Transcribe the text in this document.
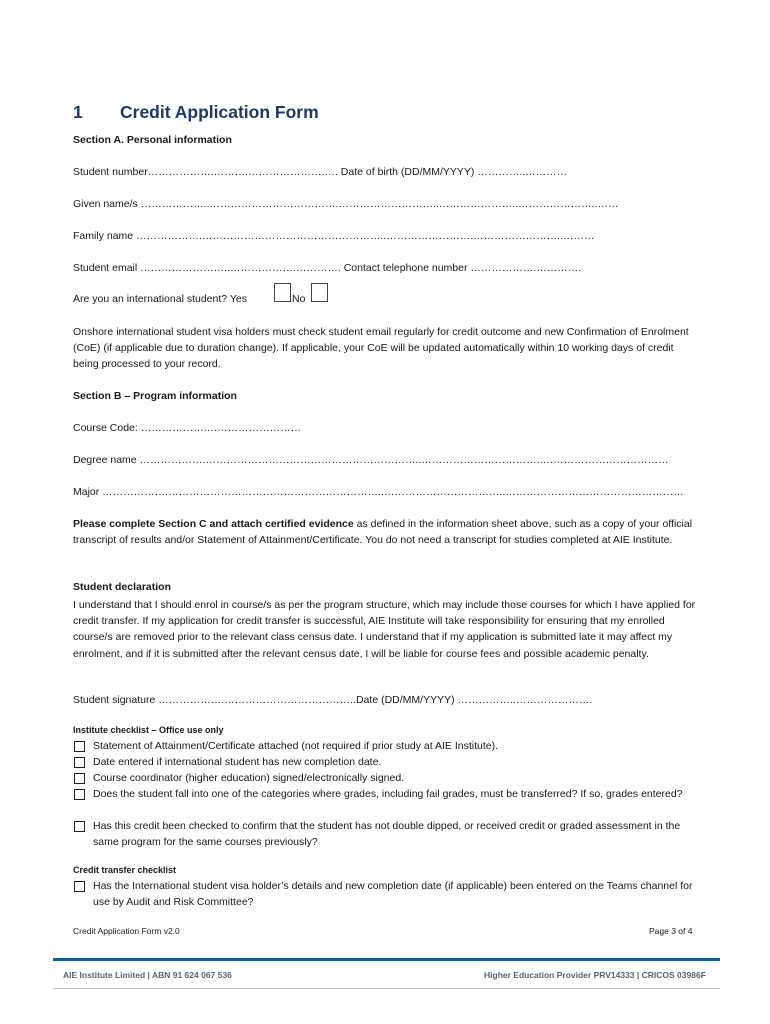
1 Credit Application Form
Section A. Personal information
Student number……………….……….………………….…. Date of birth (DD/MM/YYYY) …………..…………
Given name/s ………………..……………………………….………………………..…………………..…………………..……
Family name ……………….……………………………………………..…………………….……………………..………
Student email ……………………..……………….…………. Contact telephone number ……………….………….
Are you an international student? Yes	No
Onshore international student visa holders must check student email regularly for credit outcome and new Confirmation of Enrolment (CoE) (if applicable due to duration change). If applicable, your CoE will be updated automatically within 10 working days of credit being processed to your record.
Section B – Program information
Course Code: ……………….………………………
Degree name ……………….……………………………………………………..……………………………..………………………………
Major ……………….……………………………………………………..……………………………..……………………………………………
Please complete Section C and attach certified evidence as defined in the information sheet above, such as a copy of your official transcript of results and/or Statement of Attainment/Certificate. You do not need a transcript for studies completed at AIE Institute.
Student declaration
I understand that I should enrol in course/s as per the program structure, which may include those courses for which I have applied for credit transfer. If my application for credit transfer is successful, AIE Institute will take responsibility for ensuring that my enrolled course/s are removed prior to the relevant class census date. I understand that if my application is submitted late it may affect my enrolment, and if it is submitted after the relevant census date, I will be liable for course fees and possible academic penalty.
Student signature ……………….………………………………..Date (DD/MM/YYYY) ……………..………………….
Institute checklist – Office use only
Statement of Attainment/Certificate attached (not required if prior study at AIE Institute).
Date entered if international student has new completion date.
Course coordinator (higher education) signed/electronically signed.
Does the student fall into one of the categories where grades, including fail grades, must be transferred? If so, grades entered?
Has this credit been checked to confirm that the student has not double dipped, or received credit or graded assessment in the same program for the same courses previously?
Credit transfer checklist
Has the International student visa holder’s details and new completion date (if applicable) been entered on the Teams channel for use by Audit and Risk Committee?
Credit Application Form v2.0	Page 3 of 4
AIE Institute Limited | ABN 91 624 067 536	Higher Education Provider PRV14333 | CRICOS 03986F
